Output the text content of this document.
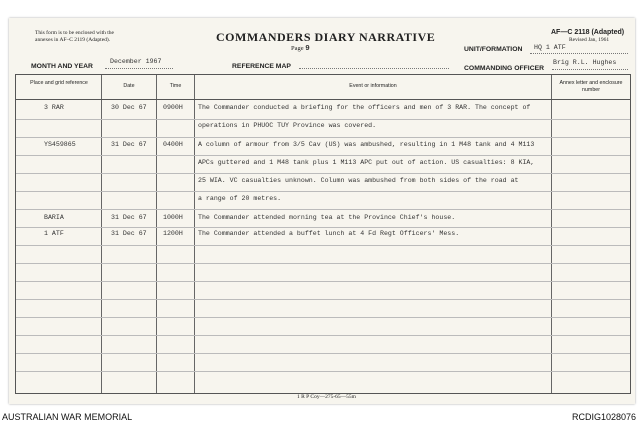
This form is to be enclosed with the
annexes in AF–C 2119 (Adapted).	COMMANDERS DIARY NARRATIVE
Page 9
AF—C 2118 (Adapted)
Revised Jan, 1961
UNIT/FORMATION HQ 1 ATF
MONTH AND YEAR
December 1967
REFERENCE MAP	COMMANDING OFFICER
Brig R.L. Hughes
Place and grid reference	Date	Time	Event or information	Annex letter and enclosure number
3 RAR	30 Dec 67 0900H The Commander conducted a briefing for the officers and men of 3 RAR. The concept of
operations in PHUOC TUY Province was covered.
YS459865	31 Dec 67 0400H A column of armour from 3/5 Cav (US) was ambushed, resulting in 1 M48 tank and 4 M113
APCs guttered and 1 M48 tank plus 1 M113 APC put out of action. US casualties: 8 KIA,
25 WIA. VC casualties unknown. Column was ambushed from both sides of the road at
a range of 20 metres.
BARIA	31 Dec 67 1000H The Commander attended morning tea at the Province Chief's house.
1 ATF	31 Dec 67 1200H The Commander attended a buffet lunch at 4 Fd Regt Officers' Mess.
1 R P Coy—275-65—55m
AUSTRALIAN WAR MEMORIAL	RCDIG1028076
